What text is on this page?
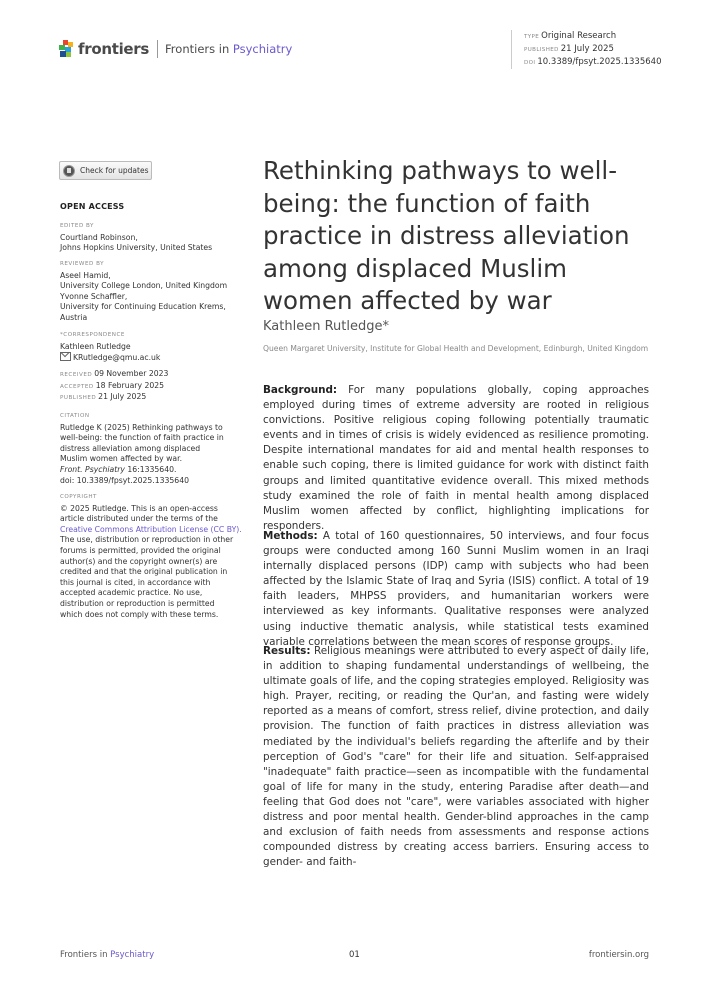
frontiers Frontiers in Psychiatry
TYPE Original Research
PUBLISHED 21 July 2025
DOI 10.3389/fpsyt.2025.1335640
Check for updates
OPEN ACCESS
EDITED BY
Courtland Robinson,
Johns Hopkins University, United States
REVIEWED BY
Aseel Hamid,
University College London, United Kingdom
Yvonne Schaffler,
University for Continuing Education Krems,
Austria
*CORRESPONDENCE
Kathleen Rutledge
KRutledge@qmu.ac.uk
RECEIVED 09 November 2023
ACCEPTED 18 February 2025
PUBLISHED 21 July 2025
CITATION
Rutledge K (2025) Rethinking pathways to
well-being: the function of faith practice in
distress alleviation among displaced
Muslim women affected by war.
Front. Psychiatry 16:1335640.
doi: 10.3389/fpsyt.2025.1335640
COPYRIGHT
© 2025 Rutledge. This is an open-access
article distributed under the terms of the
Creative Commons Attribution License (CC BY).
The use, distribution or reproduction in other
forums is permitted, provided the original
author(s) and the copyright owner(s) are
credited and that the original publication in
this journal is cited, in accordance with
accepted academic practice. No use,
distribution or reproduction is permitted
which does not comply with these terms.
Rethinking pathways to well-
being: the function of faith
practice in distress alleviation
among displaced Muslim
women affected by war
Kathleen Rutledge*
Queen Margaret University, Institute for Global Health and Development, Edinburgh, United Kingdom

Background: For many populations globally, coping approaches employed during times of extreme adversity are rooted in religious convictions. Positive religious coping following potentially traumatic events and in times of crisis is widely evidenced as resilience promoting. Despite international mandates for aid and mental health responses to enable such coping, there is limited guidance for work with distinct faith groups and limited quantitative evidence overall. This mixed methods study examined the role of faith in mental health among displaced Muslim women affected by conflict, highlighting implications for responders.

Methods: A total of 160 questionnaires, 50 interviews, and four focus groups were conducted among 160 Sunni Muslim women in an Iraqi internally displaced persons (IDP) camp with subjects who had been affected by the Islamic State of Iraq and Syria (ISIS) conflict. A total of 19 faith leaders, MHPSS providers, and humanitarian workers were interviewed as key informants. Qualitative responses were analyzed using inductive thematic analysis, while statistical tests examined variable correlations between the mean scores of response groups.

Results: Religious meanings were attributed to every aspect of daily life, in addition to shaping fundamental understandings of wellbeing, the ultimate goals of life, and the coping strategies employed. Religiosity was high. Prayer, reciting, or reading the Qur'an, and fasting were widely reported as a means of comfort, stress relief, divine protection, and daily provision. The function of faith practices in distress alleviation was mediated by the individual's beliefs regarding the afterlife and by their perception of God's "care" for their life and situation. Self-appraised "inadequate" faith practice—seen as incompatible with the fundamental goal of life for many in the study, entering Paradise after death—and feeling that God does not "care", were variables associated with higher distress and poor mental health. Gender-blind approaches in the camp and exclusion of faith needs from assessments and response actions compounded distress by creating access barriers. Ensuring access to gender- and faith-

Frontiers in Psychiatry	01	frontiersin.org
